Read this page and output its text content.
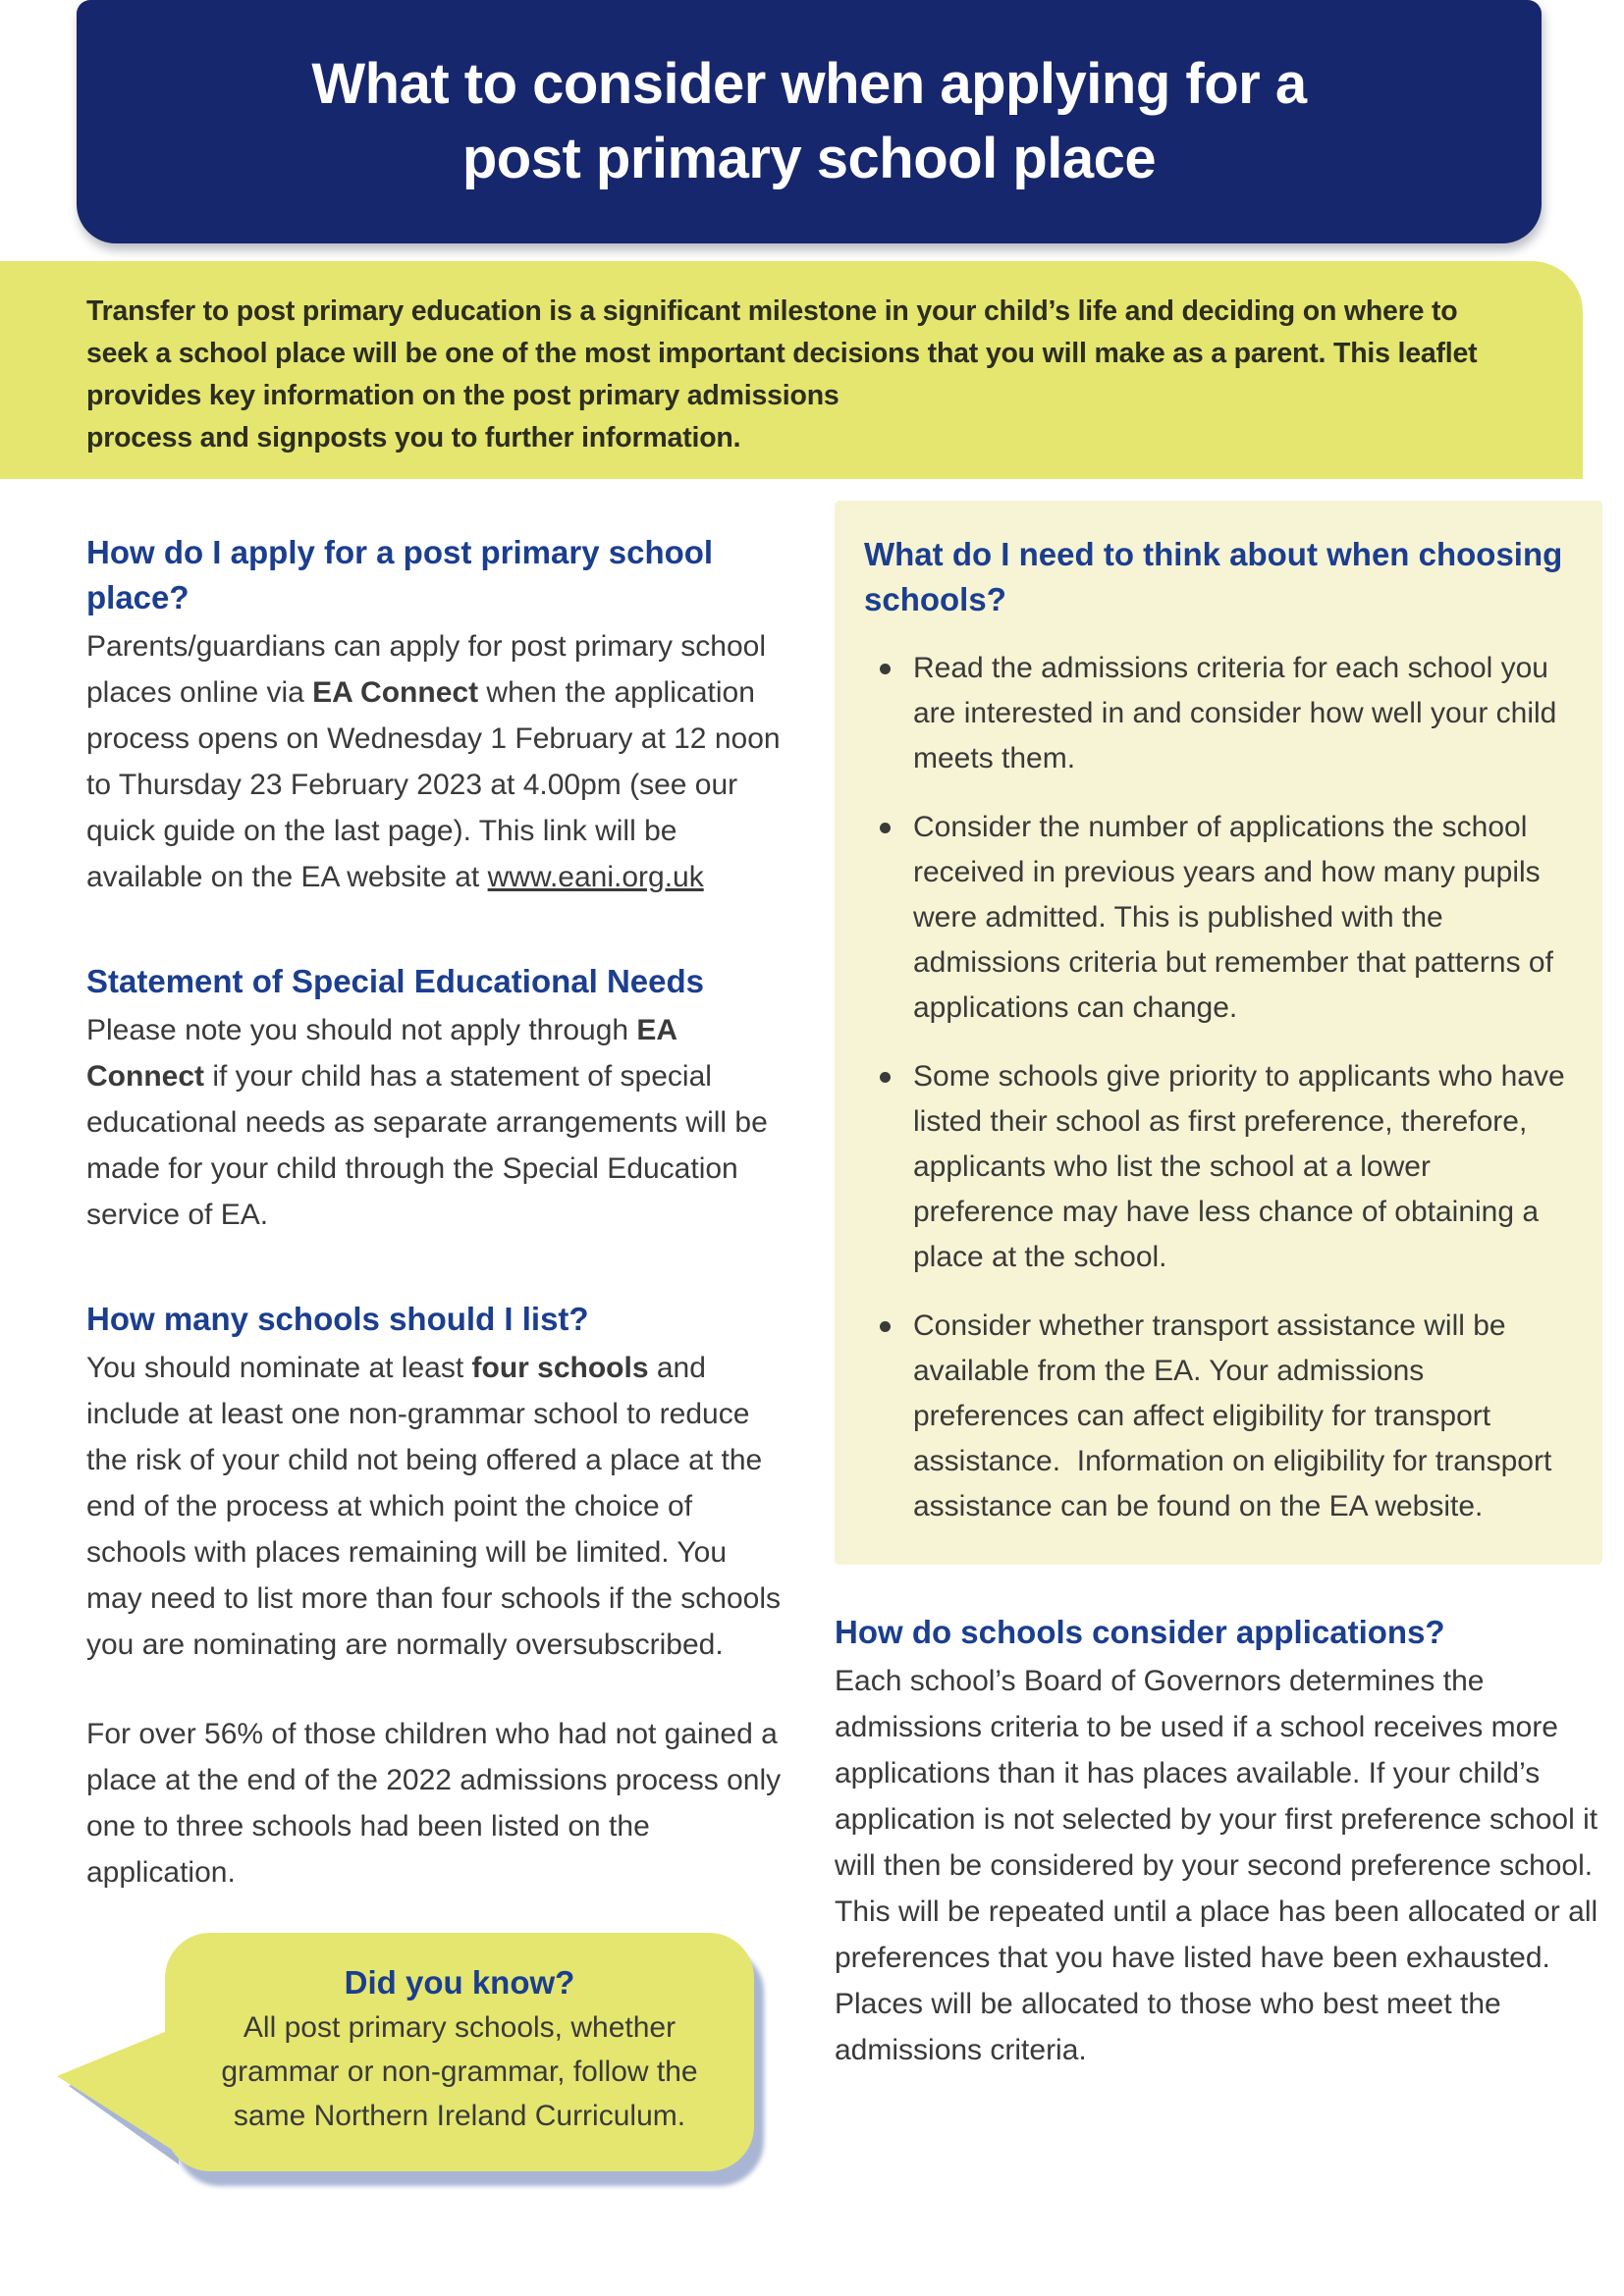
What to consider when applying for a
post primary school place
Transfer to post primary education is a significant milestone in your child’s life and deciding on where to
seek a school place will be one of the most important decisions that you will make as a parent. This leaflet
provides key information on the post primary admissions
process and signposts you to further information.
How do I apply for a post primary school place?

Parents/guardians can apply for post primary school places online via EA Connect when the application process opens on Wednesday 1 February at 12 noon to Thursday 23 February 2023 at 4.00pm (see our quick guide on the last page). This link will be available on the EA website at www.eani.org.uk

Statement of Special Educational Needs

Please note you should not apply through EA Connect if your child has a statement of special educational needs as separate arrangements will be made for your child through the Special Education service of EA.

How many schools should I list?

You should nominate at least four schools and include at least one non-grammar school to reduce the risk of your child not being offered a place at the end of the process at which point the choice of schools with places remaining will be limited. You may need to list more than four schools if the schools you are nominating are normally oversubscribed.

For over 56% of those children who had not gained a place at the end of the 2022 admissions process only one to three schools had been listed on the application.

Did you know?
All post primary schools, whether grammar or non-grammar, follow the same Northern Ireland Curriculum.
What do I need to think about when choosing schools?
Read the admissions criteria for each school you are interested in and consider how well your child meets them.
Consider the number of applications the school received in previous years and how many pupils were admitted. This is published with the admissions criteria but remember that patterns of applications can change.
Some schools give priority to applicants who have listed their school as first preference, therefore, applicants who list the school at a lower preference may have less chance of obtaining a place at the school.
Consider whether transport assistance will be available from the EA. Your admissions preferences can affect eligibility for transport assistance.  Information on eligibility for transport assistance can be found on the EA website.
How do schools consider applications?

Each school’s Board of Governors determines the admissions criteria to be used if a school receives more applications than it has places available. If your child’s application is not selected by your first preference school it will then be considered by your second preference school. This will be repeated until a place has been allocated or all preferences that you have listed have been exhausted. Places will be allocated to those who best meet the admissions criteria.
